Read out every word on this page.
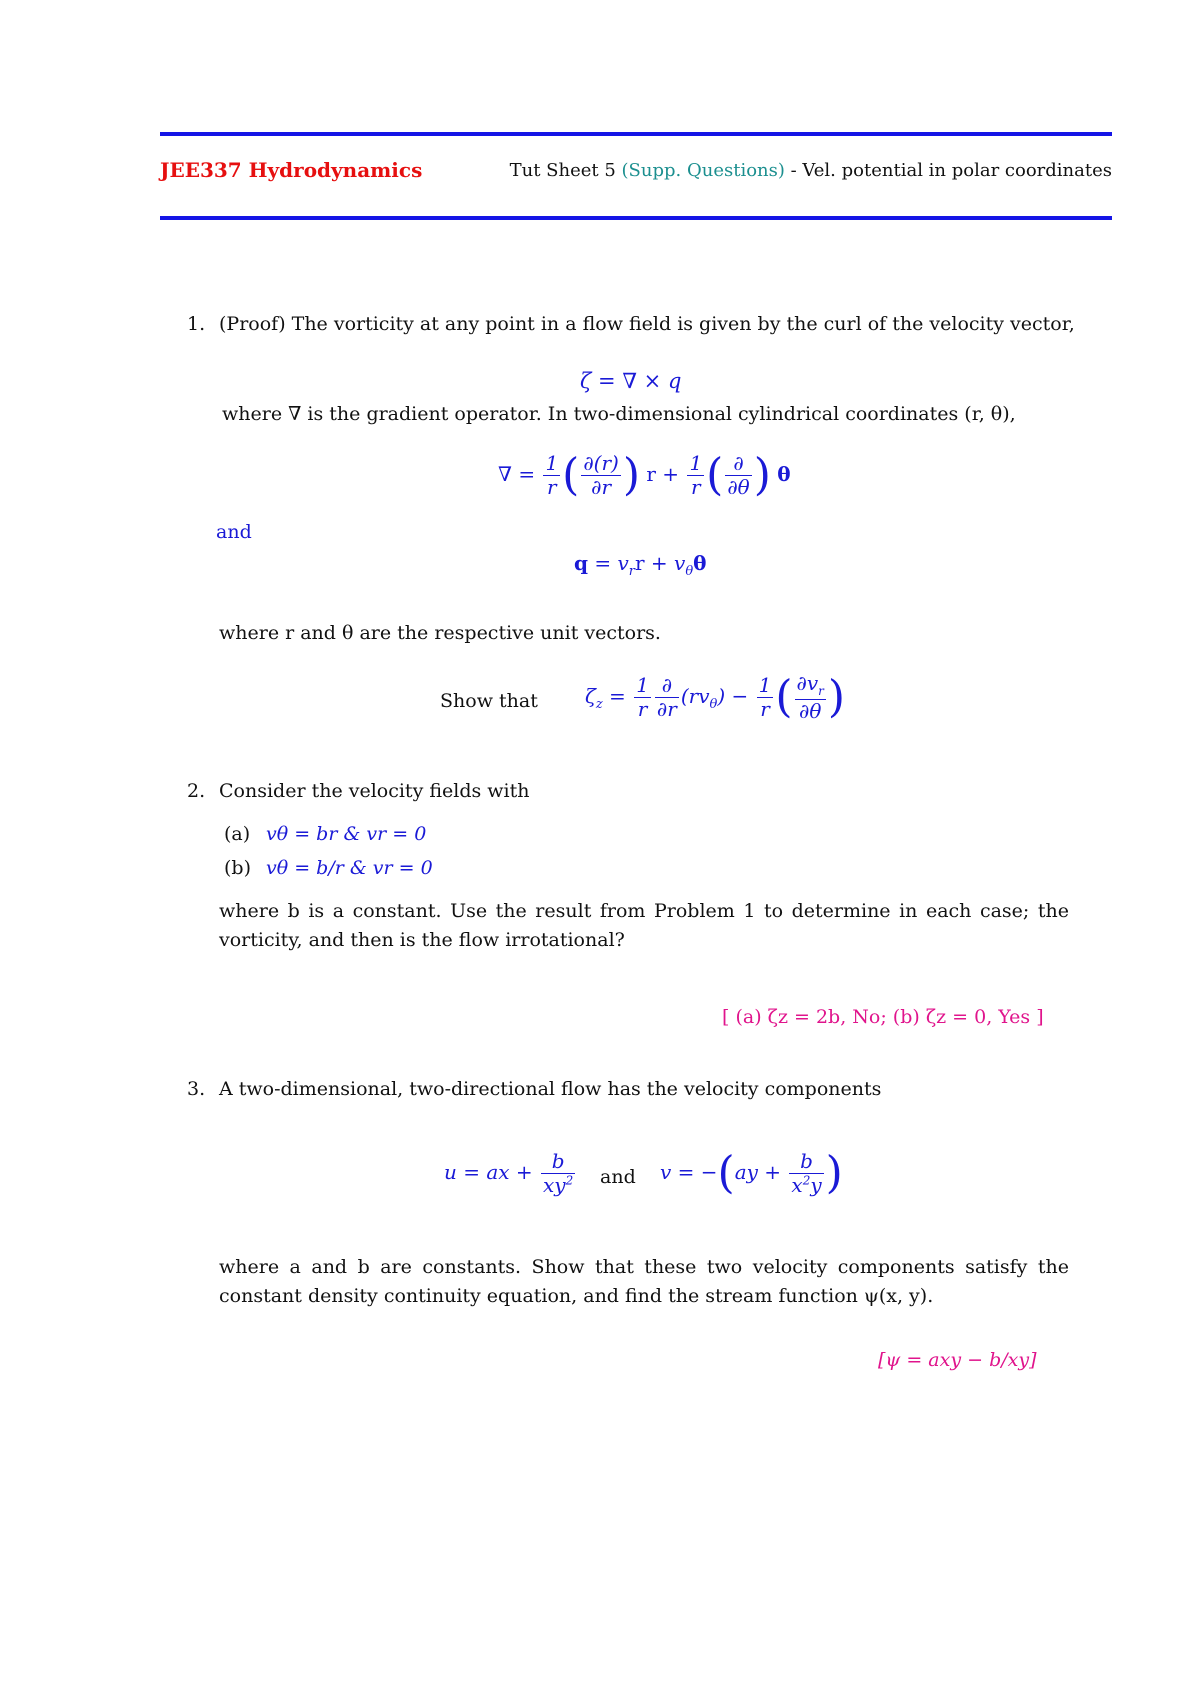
JEE337 Hydrodynamics	Tut Sheet 5 (Supp. Questions) - Vel. potential in polar coordinates
1. (Proof) The vorticity at any point in a flow field is given by the curl of the velocity vector,
ζ = ∇ × q
where ∇ is the gradient operator. In two-dimensional cylindrical coordinates (r, θ),
∇ = $\frac{1}{r}$ ( $\frac{\partial(r)}{\partial r}$ ) $r + \frac{1}{r}$ ( $\frac{\partial}{\partial\theta}$ ) θ
and
$q = v_rr + v_\theta\theta$
where r and θ are the respective unit vectors.
Show that $\zeta_z = \frac{1}{r} \frac{\partial}{\partial r} (rv_\theta) - \frac{1}{r}$ ( $\frac{\partial v_r}{\partial\theta}$ )
2. Consider the velocity fields with
(a) vθ = br & vr = 0
(b) vθ = b/r & vr = 0
where b is a constant. Use the result from Problem 1 to determine in each case; the vorticity, and then is the flow irrotational?
[ (a) ζz = 2b, No; (b) ζz = 0, Yes ]
3. A two-dimensional, two-directional flow has the velocity components
u = ax + $\frac{b}{xy^2}$ and $v = -(ay + \frac{b}{x^2y}$ )
where a and b are constants. Show that these two velocity components satisfy the constant density continuity equation, and find the stream function ψ(x, y).
[ψ = axy − b/xy]
